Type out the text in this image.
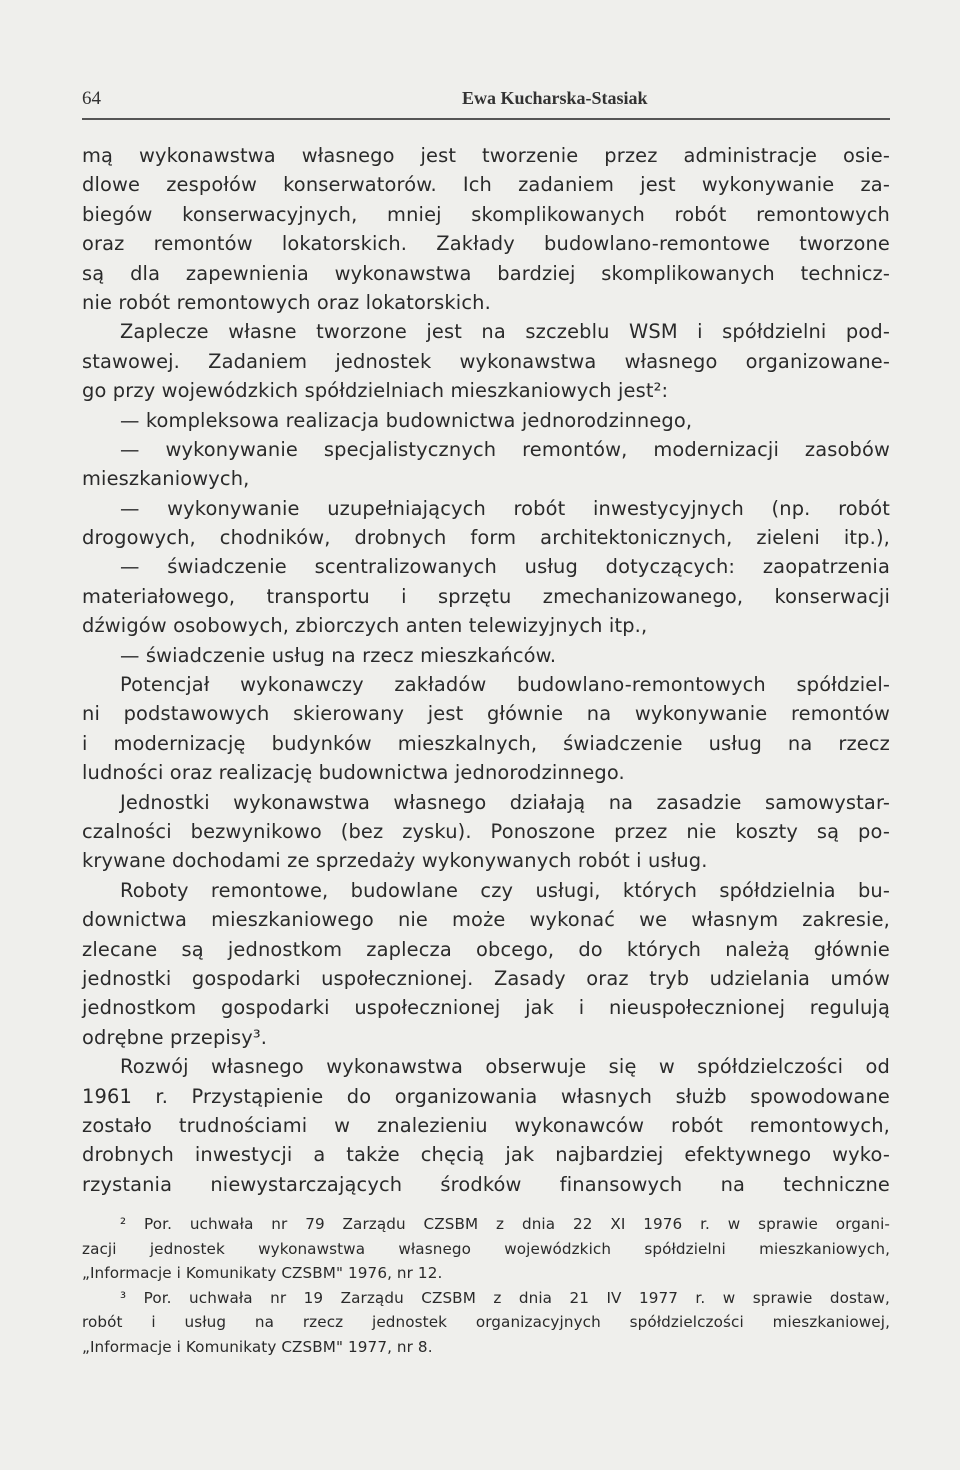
64	Ewa Kucharska-Stasiak
mą wykonawstwa własnego jest tworzenie przez administracje osie-
dlowe zespołów konserwatorów. Ich zadaniem jest wykonywanie za-
biegów konserwacyjnych, mniej skomplikowanych robót remontowych
oraz remontów lokatorskich. Zakłady budowlano-remontowe tworzone
są dla zapewnienia wykonawstwa bardziej skomplikowanych technicz-
nie robót remontowych oraz lokatorskich.
Zaplecze własne tworzone jest na szczeblu WSM i spółdzielni pod-
stawowej. Zadaniem jednostek wykonawstwa własnego organizowane-
go przy wojewódzkich spółdzielniach mieszkaniowych jest²:
— kompleksowa realizacja budownictwa jednorodzinnego,
— wykonywanie specjalistycznych remontów, modernizacji zasobów
mieszkaniowych,
— wykonywanie uzupełniających robót inwestycyjnych (np. robót
drogowych, chodników, drobnych form architektonicznych, zieleni itp.),
— świadczenie scentralizowanych usług dotyczących: zaopatrzenia
materiałowego, transportu i sprzętu zmechanizowanego, konserwacji
dźwigów osobowych, zbiorczych anten telewizyjnych itp.,
— świadczenie usług na rzecz mieszkańców.
Potencjał wykonawczy zakładów budowlano-remontowych spółdziel-
ni podstawowych skierowany jest głównie na wykonywanie remontów
i modernizację budynków mieszkalnych, świadczenie usług na rzecz
ludności oraz realizację budownictwa jednorodzinnego.
Jednostki wykonawstwa własnego działają na zasadzie samowystar-
czalności bezwynikowo (bez zysku). Ponoszone przez nie koszty są po-
krywane dochodami ze sprzedaży wykonywanych robót i usług.
Roboty remontowe, budowlane czy usługi, których spółdzielnia bu-
downictwa mieszkaniowego nie może wykonać we własnym zakresie,
zlecane są jednostkom zaplecza obcego, do których należą głównie
jednostki gospodarki uspołecznionej. Zasady oraz tryb udzielania umów
jednostkom gospodarki uspołecznionej jak i nieuspołecznionej regulują
odrębne przepisy³.
Rozwój własnego wykonawstwa obserwuje się w spółdzielczości od
1961 r. Przystąpienie do organizowania własnych służb spowodowane
zostało trudnościami w znalezieniu wykonawców robót remontowych,
drobnych inwestycji a także chęcią jak najbardziej efektywnego wyko-
rzystania niewystarczających środków finansowych na techniczne
² Por. uchwała nr 79 Zarządu CZSBM z dnia 22 XI 1976 r. w sprawie organi-
zacji jednostek wykonawstwa własnego wojewódzkich spółdzielni mieszkaniowych,
„Informacje i Komunikaty CZSBM" 1976, nr 12.
³ Por. uchwała nr 19 Zarządu CZSBM z dnia 21 IV 1977 r. w sprawie dostaw,
robót i usług na rzecz jednostek organizacyjnych spółdzielczości mieszkaniowej,
„Informacje i Komunikaty CZSBM" 1977, nr 8.
